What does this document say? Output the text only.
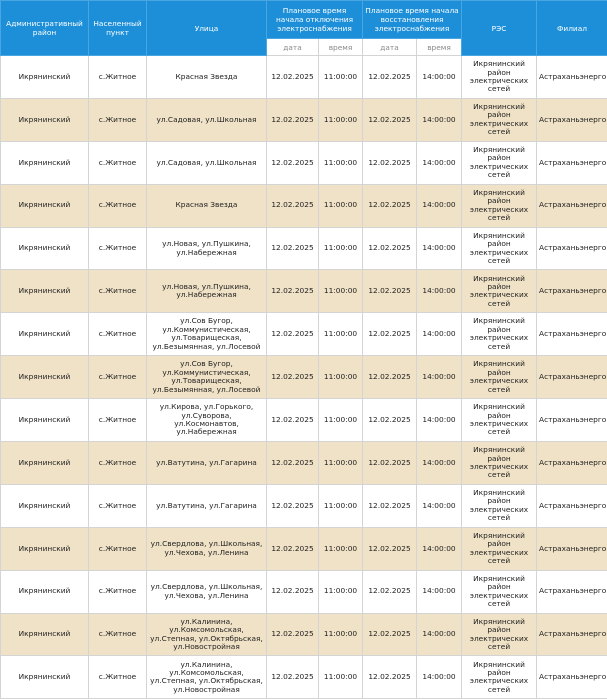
Административный район	Населенный пункт	Улица	Плановое время начала отключения электроснабжения		Плановое время начала восстановления электроснабжения		РЭС	Филиал
			дата	время	дата	время		
Икрянинский	с.Житное	Красная Звезда	12.02.2025	11:00:00	12.02.2025	14:00:00	Икрянинский район электрических сетей	Астраханьэнерго
Икрянинский	с.Житное	ул.Садовая, ул.Школьная	12.02.2025	11:00:00	12.02.2025	14:00:00	Икрянинский район электрических сетей	Астраханьэнерго
Икрянинский	с.Житное	ул.Садовая, ул.Школьная	12.02.2025	11:00:00	12.02.2025	14:00:00	Икрянинский район электрических сетей	Астраханьэнерго
Икрянинский	с.Житное	Красная Звезда	12.02.2025	11:00:00	12.02.2025	14:00:00	Икрянинский район электрических сетей	Астраханьэнерго
Икрянинский	с.Житное	ул.Новая, ул.Пушкина, ул.Набережная	12.02.2025	11:00:00	12.02.2025	14:00:00	Икрянинский район электрических сетей	Астраханьэнерго
Икрянинский	с.Житное	ул.Новая, ул.Пушкина, ул.Набережная	12.02.2025	11:00:00	12.02.2025	14:00:00	Икрянинский район электрических сетей	Астраханьэнерго
Икрянинский	с.Житное	ул.Сов Бугор, ул.Коммунистическая, ул.Товарищеская, ул.Безымянная, ул.Лосевой	12.02.2025	11:00:00	12.02.2025	14:00:00	Икрянинский район электрических сетей	Астраханьэнерго
Икрянинский	с.Житное	ул.Сов Бугор, ул.Коммунистическая, ул.Товарищеская, ул.Безымянная, ул.Лосевой	12.02.2025	11:00:00	12.02.2025	14:00:00	Икрянинский район электрических сетей	Астраханьэнерго
Икрянинский	с.Житное	ул.Кирова, ул.Горького, ул.Суворова, ул.Космонавтов, ул.Набережная	12.02.2025	11:00:00	12.02.2025	14:00:00	Икрянинский район электрических сетей	Астраханьэнерго
Икрянинский	с.Житное	ул.Ватутина, ул.Гагарина	12.02.2025	11:00:00	12.02.2025	14:00:00	Икрянинский район электрических сетей	Астраханьэнерго
Икрянинский	с.Житное	ул.Ватутина, ул.Гагарина	12.02.2025	11:00:00	12.02.2025	14:00:00	Икрянинский район электрических сетей	Астраханьэнерго
Икрянинский	с.Житное	ул.Свердлова, ул.Школьная, ул.Чехова, ул.Ленина	12.02.2025	11:00:00	12.02.2025	14:00:00	Икрянинский район электрических сетей	Астраханьэнерго
Икрянинский	с.Житное	ул.Свердлова, ул.Школьная, ул.Чехова, ул.Ленина	12.02.2025	11:00:00	12.02.2025	14:00:00	Икрянинский район электрических сетей	Астраханьэнерго
Икрянинский	с.Житное	ул.Калинина, ул.Комсомольская, ул.Степная, ул.Октябрьская, ул.Новостройная	12.02.2025	11:00:00	12.02.2025	14:00:00	Икрянинский район электрических сетей	Астраханьэнерго
Икрянинский	с.Житное	ул.Калинина, ул.Комсомольская, ул.Степная, ул.Октябрьская, ул.Новостройная	12.02.2025	11:00:00	12.02.2025	14:00:00	Икрянинский район электрических сетей	Астраханьэнерго
